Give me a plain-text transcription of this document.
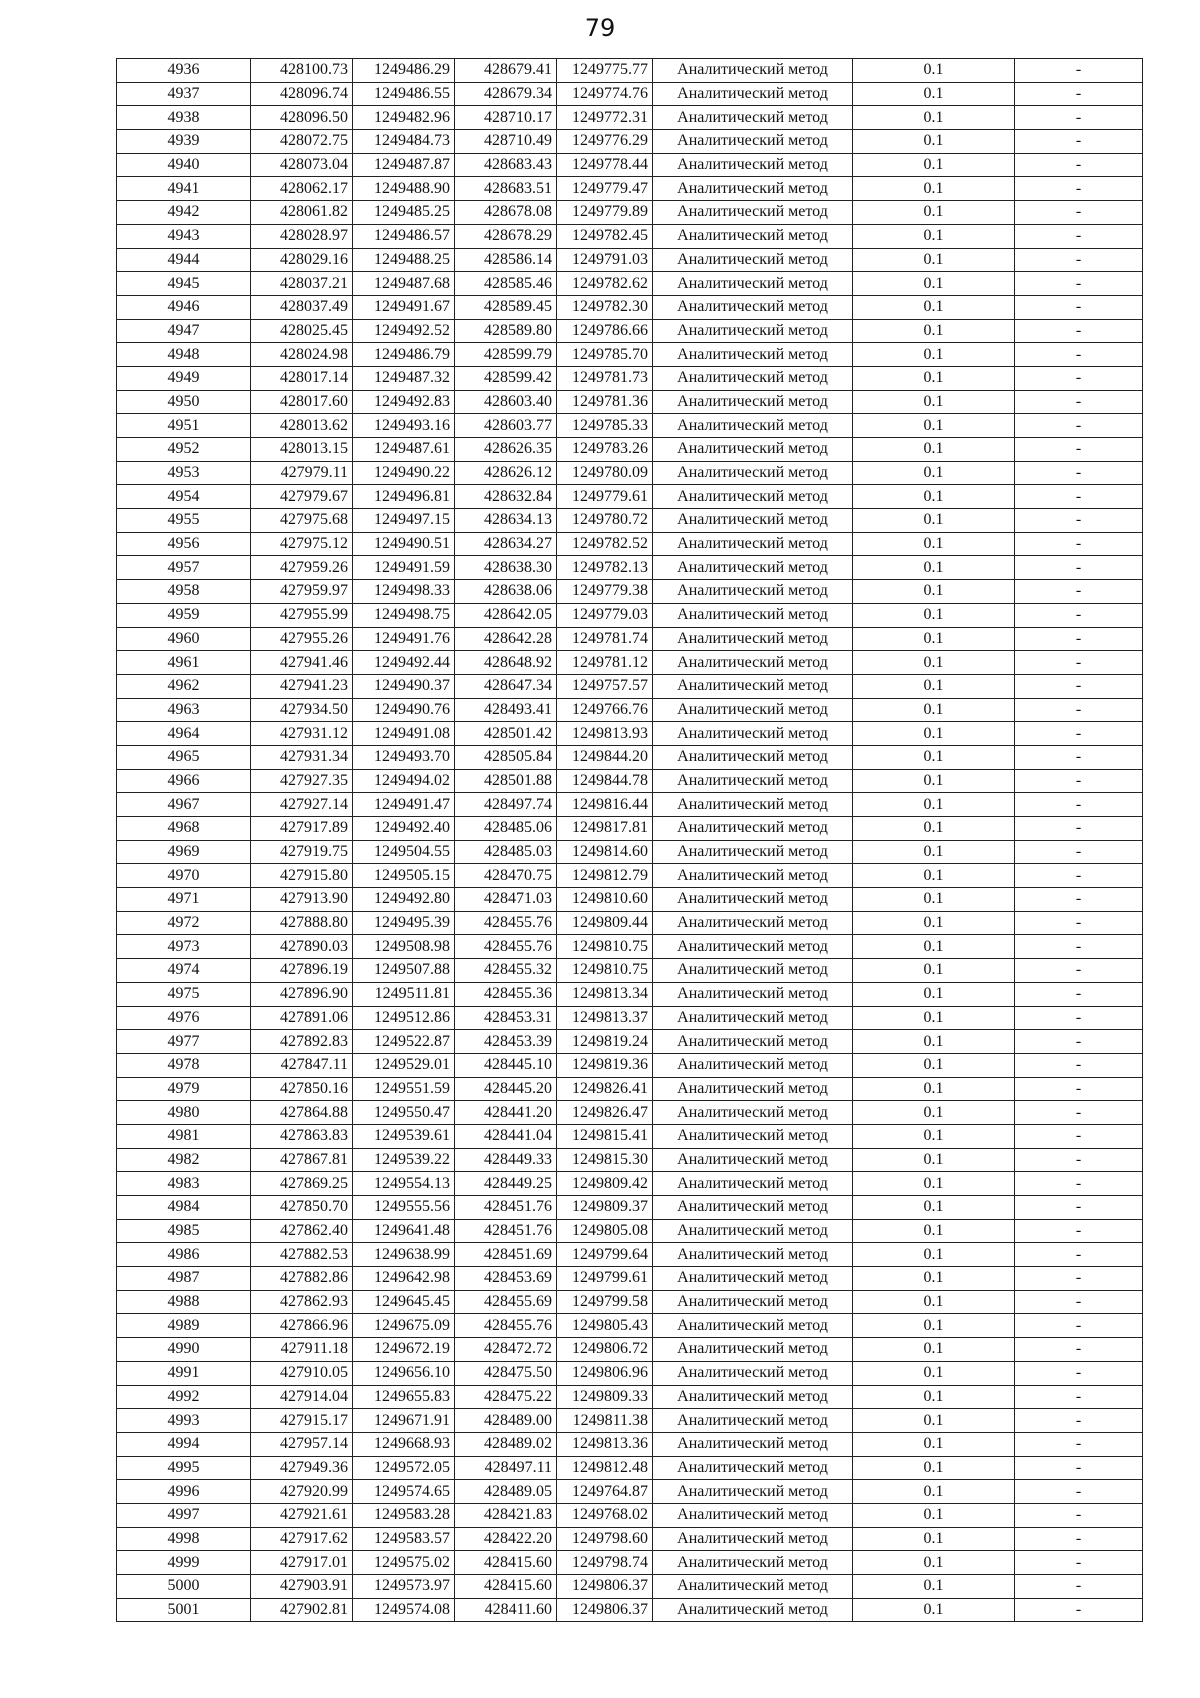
79
4936	428100.73	1249486.29	428679.41	1249775.77	Аналитический метод	0.1	-
4937	428096.74	1249486.55	428679.34	1249774.76	Аналитический метод	0.1	-
4938	428096.50	1249482.96	428710.17	1249772.31	Аналитический метод	0.1	-
4939	428072.75	1249484.73	428710.49	1249776.29	Аналитический метод	0.1	-
4940	428073.04	1249487.87	428683.43	1249778.44	Аналитический метод	0.1	-
4941	428062.17	1249488.90	428683.51	1249779.47	Аналитический метод	0.1	-
4942	428061.82	1249485.25	428678.08	1249779.89	Аналитический метод	0.1	-
4943	428028.97	1249486.57	428678.29	1249782.45	Аналитический метод	0.1	-
4944	428029.16	1249488.25	428586.14	1249791.03	Аналитический метод	0.1	-
4945	428037.21	1249487.68	428585.46	1249782.62	Аналитический метод	0.1	-
4946	428037.49	1249491.67	428589.45	1249782.30	Аналитический метод	0.1	-
4947	428025.45	1249492.52	428589.80	1249786.66	Аналитический метод	0.1	-
4948	428024.98	1249486.79	428599.79	1249785.70	Аналитический метод	0.1	-
4949	428017.14	1249487.32	428599.42	1249781.73	Аналитический метод	0.1	-
4950	428017.60	1249492.83	428603.40	1249781.36	Аналитический метод	0.1	-
4951	428013.62	1249493.16	428603.77	1249785.33	Аналитический метод	0.1	-
4952	428013.15	1249487.61	428626.35	1249783.26	Аналитический метод	0.1	-
4953	427979.11	1249490.22	428626.12	1249780.09	Аналитический метод	0.1	-
4954	427979.67	1249496.81	428632.84	1249779.61	Аналитический метод	0.1	-
4955	427975.68	1249497.15	428634.13	1249780.72	Аналитический метод	0.1	-
4956	427975.12	1249490.51	428634.27	1249782.52	Аналитический метод	0.1	-
4957	427959.26	1249491.59	428638.30	1249782.13	Аналитический метод	0.1	-
4958	427959.97	1249498.33	428638.06	1249779.38	Аналитический метод	0.1	-
4959	427955.99	1249498.75	428642.05	1249779.03	Аналитический метод	0.1	-
4960	427955.26	1249491.76	428642.28	1249781.74	Аналитический метод	0.1	-
4961	427941.46	1249492.44	428648.92	1249781.12	Аналитический метод	0.1	-
4962	427941.23	1249490.37	428647.34	1249757.57	Аналитический метод	0.1	-
4963	427934.50	1249490.76	428493.41	1249766.76	Аналитический метод	0.1	-
4964	427931.12	1249491.08	428501.42	1249813.93	Аналитический метод	0.1	-
4965	427931.34	1249493.70	428505.84	1249844.20	Аналитический метод	0.1	-
4966	427927.35	1249494.02	428501.88	1249844.78	Аналитический метод	0.1	-
4967	427927.14	1249491.47	428497.74	1249816.44	Аналитический метод	0.1	-
4968	427917.89	1249492.40	428485.06	1249817.81	Аналитический метод	0.1	-
4969	427919.75	1249504.55	428485.03	1249814.60	Аналитический метод	0.1	-
4970	427915.80	1249505.15	428470.75	1249812.79	Аналитический метод	0.1	-
4971	427913.90	1249492.80	428471.03	1249810.60	Аналитический метод	0.1	-
4972	427888.80	1249495.39	428455.76	1249809.44	Аналитический метод	0.1	-
4973	427890.03	1249508.98	428455.76	1249810.75	Аналитический метод	0.1	-
4974	427896.19	1249507.88	428455.32	1249810.75	Аналитический метод	0.1	-
4975	427896.90	1249511.81	428455.36	1249813.34	Аналитический метод	0.1	-
4976	427891.06	1249512.86	428453.31	1249813.37	Аналитический метод	0.1	-
4977	427892.83	1249522.87	428453.39	1249819.24	Аналитический метод	0.1	-
4978	427847.11	1249529.01	428445.10	1249819.36	Аналитический метод	0.1	-
4979	427850.16	1249551.59	428445.20	1249826.41	Аналитический метод	0.1	-
4980	427864.88	1249550.47	428441.20	1249826.47	Аналитический метод	0.1	-
4981	427863.83	1249539.61	428441.04	1249815.41	Аналитический метод	0.1	-
4982	427867.81	1249539.22	428449.33	1249815.30	Аналитический метод	0.1	-
4983	427869.25	1249554.13	428449.25	1249809.42	Аналитический метод	0.1	-
4984	427850.70	1249555.56	428451.76	1249809.37	Аналитический метод	0.1	-
4985	427862.40	1249641.48	428451.76	1249805.08	Аналитический метод	0.1	-
4986	427882.53	1249638.99	428451.69	1249799.64	Аналитический метод	0.1	-
4987	427882.86	1249642.98	428453.69	1249799.61	Аналитический метод	0.1	-
4988	427862.93	1249645.45	428455.69	1249799.58	Аналитический метод	0.1	-
4989	427866.96	1249675.09	428455.76	1249805.43	Аналитический метод	0.1	-
4990	427911.18	1249672.19	428472.72	1249806.72	Аналитический метод	0.1	-
4991	427910.05	1249656.10	428475.50	1249806.96	Аналитический метод	0.1	-
4992	427914.04	1249655.83	428475.22	1249809.33	Аналитический метод	0.1	-
4993	427915.17	1249671.91	428489.00	1249811.38	Аналитический метод	0.1	-
4994	427957.14	1249668.93	428489.02	1249813.36	Аналитический метод	0.1	-
4995	427949.36	1249572.05	428497.11	1249812.48	Аналитический метод	0.1	-
4996	427920.99	1249574.65	428489.05	1249764.87	Аналитический метод	0.1	-
4997	427921.61	1249583.28	428421.83	1249768.02	Аналитический метод	0.1	-
4998	427917.62	1249583.57	428422.20	1249798.60	Аналитический метод	0.1	-
4999	427917.01	1249575.02	428415.60	1249798.74	Аналитический метод	0.1	-
5000	427903.91	1249573.97	428415.60	1249806.37	Аналитический метод	0.1	-
5001	427902.81	1249574.08	428411.60	1249806.37	Аналитический метод	0.1	-
